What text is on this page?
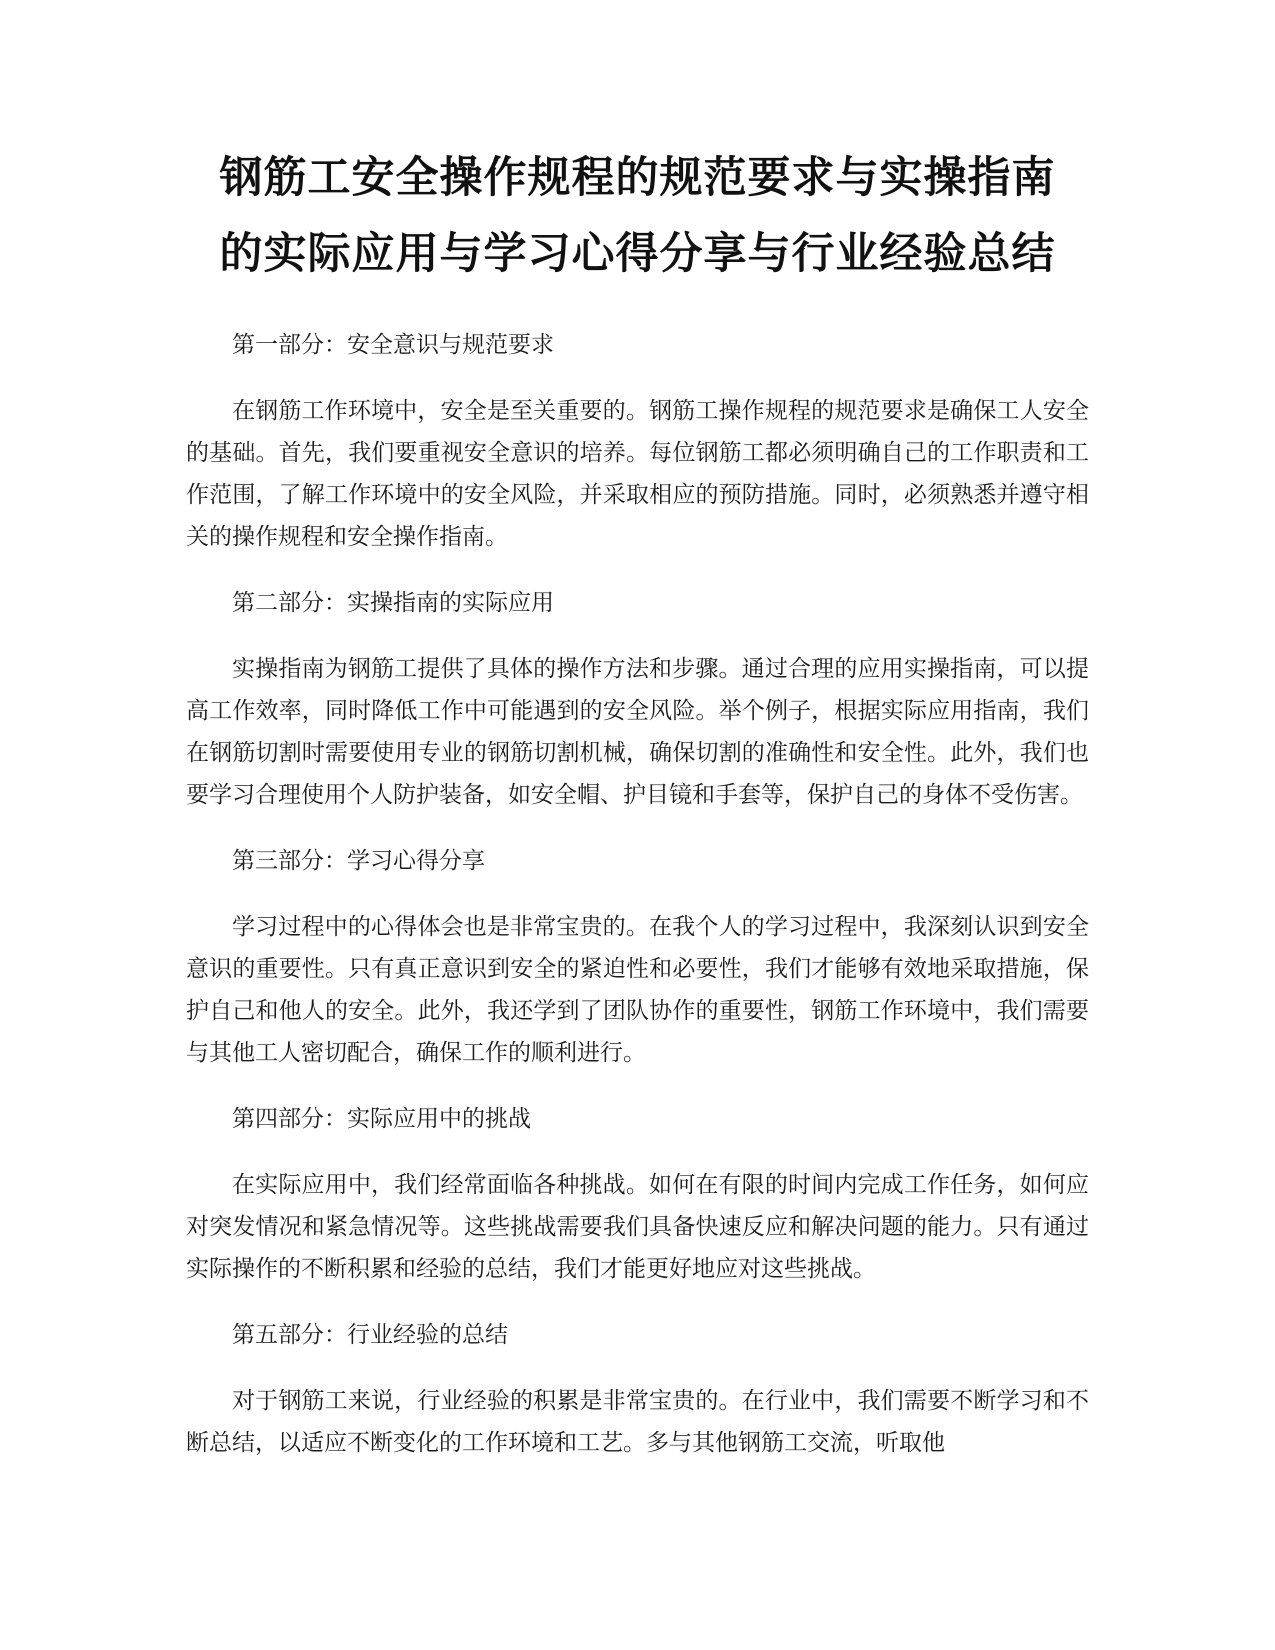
钢筋工安全操作规程的规范要求与实操指南
的实际应用与学习心得分享与行业经验总结

第一部分：安全意识与规范要求

在钢筋工作环境中，安全是至关重要的。钢筋工操作规程的规范要求是确保工人安全的基础。首先，我们要重视安全意识的培养。每位钢筋工都必须明确自己的工作职责和工作范围，了解工作环境中的安全风险，并采取相应的预防措施。同时，必须熟悉并遵守相关的操作规程和安全操作指南。

第二部分：实操指南的实际应用

实操指南为钢筋工提供了具体的操作方法和步骤。通过合理的应用实操指南，可以提高工作效率，同时降低工作中可能遇到的安全风险。举个例子，根据实际应用指南，我们在钢筋切割时需要使用专业的钢筋切割机械，确保切割的准确性和安全性。此外，我们也要学习合理使用个人防护装备，如安全帽、护目镜和手套等，保护自己的身体不受伤害。

第三部分：学习心得分享

学习过程中的心得体会也是非常宝贵的。在我个人的学习过程中，我深刻认识到安全意识的重要性。只有真正意识到安全的紧迫性和必要性，我们才能够有效地采取措施，保护自己和他人的安全。此外，我还学到了团队协作的重要性，钢筋工作环境中，我们需要与其他工人密切配合，确保工作的顺利进行。

第四部分：实际应用中的挑战

在实际应用中，我们经常面临各种挑战。如何在有限的时间内完成工作任务，如何应对突发情况和紧急情况等。这些挑战需要我们具备快速反应和解决问题的能力。只有通过实际操作的不断积累和经验的总结，我们才能更好地应对这些挑战。

第五部分：行业经验的总结

对于钢筋工来说，行业经验的积累是非常宝贵的。在行业中，我们需要不断学习和不断总结，以适应不断变化的工作环境和工艺。多与其他钢筋工交流，听取他
